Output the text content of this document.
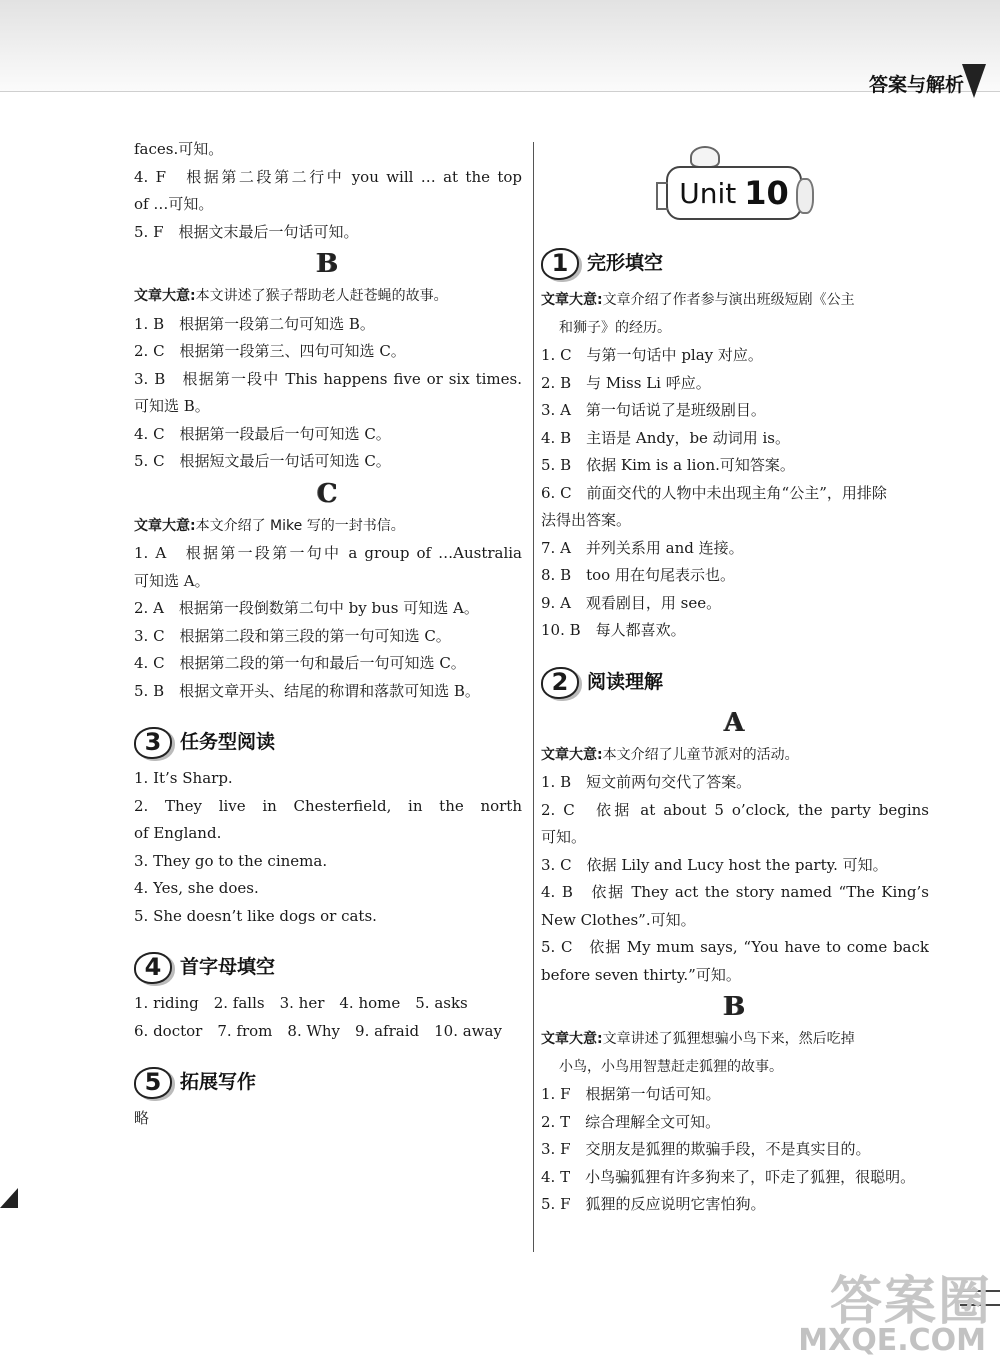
答案与解析
faces.可知。
4. F　根据第二段第二行中 you will … at the top
of …可知。
5. F　根据文末最后一句话可知。
B
文章大意:本文讲述了猴子帮助老人赶苍蝇的故事。
1. B　根据第一段第二句可知选 B。
2. C　根据第一段第三、四句可知选 C。
3. B　根据第一段中 This happens five or six times.
可知选 B。
4. C　根据第一段最后一句可知选 C。
5. C　根据短文最后一句话可知选 C。
C
文章大意:本文介绍了 Mike 写的一封书信。
1. A　根据第一段第一句中 a group of …Australia
可知选 A。
2. A　根据第一段倒数第二句中 by bus 可知选 A。
3. C　根据第二段和第三段的第一句可知选 C。
4. C　根据第二段的第一句和最后一句可知选 C。
5. B　根据文章开头、结尾的称谓和落款可知选 B。
3 任务型阅读
1. It’s Sharp.
2. They live in Chesterfield, in the north
of England.
3. They go to the cinema.
4. Yes, she does.
5. She doesn’t like dogs or cats.
4 首字母填空
1. riding　2. falls　3. her　4. home　5. asks
6. doctor　7. from　8. Why　9. afraid　10. away
5 拓展写作
略
Unit 10
1 完形填空
文章大意:文章介绍了作者参与演出班级短剧《公主
和狮子》的经历。
1. C　与第一句话中 play 对应。
2. B　与 Miss Li 呼应。
3. A　第一句话说了是班级剧目。
4. B　主语是 Andy，be 动词用 is。
5. B　依据 Kim is a lion.可知答案。
6. C　前面交代的人物中未出现主角“公主”，用排除
法得出答案。
7. A　并列关系用 and 连接。
8. B　too 用在句尾表示也。
9. A　观看剧目，用 see。
10. B　每人都喜欢。
2 阅读理解
A
文章大意:本文介绍了儿童节派对的活动。
1. B　短文前两句交代了答案。
2. C　依据 at about 5 o’clock, the party begins
可知。
3. C　依据 Lily and Lucy host the party. 可知。
4. B　依据 They act the story named “The King’s
New Clothes”.可知。
5. C　依据 My mum says, “You have to come back
before seven thirty.”可知。
B
文章大意:文章讲述了狐狸想骗小鸟下来，然后吃掉
小鸟，小鸟用智慧赶走狐狸的故事。
1. F　根据第一句话可知。
2. T　综合理解全文可知。
3. F　交朋友是狐狸的欺骗手段，不是真实目的。
4. T　小鸟骗狐狸有许多狗来了，吓走了狐狸，很聪明。
5. F　狐狸的反应说明它害怕狗。
答案圈
MXQE.COM
